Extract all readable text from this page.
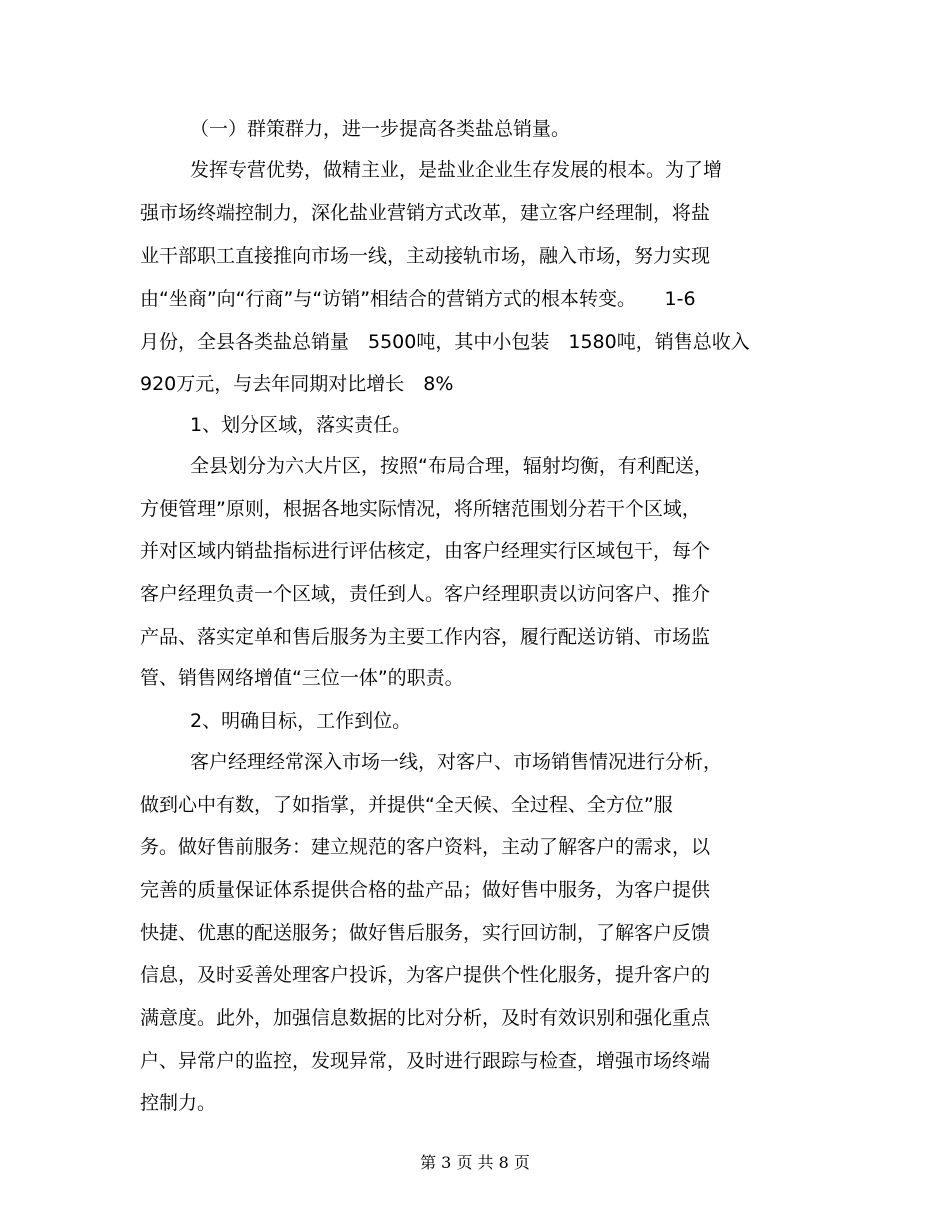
（一）群策群力，进一步提高各类盐总销量。
发挥专营优势，做精主业，是盐业企业生存发展的根本。为了增
强市场终端控制力，深化盐业营销方式改革，建立客户经理制，将盐
业干部职工直接推向市场一线，主动接轨市场，融入市场，努力实现
由“坐商”向“行商”与“访销”相结合的营销方式的根本转变。　　1-6
月份，全县各类盐总销量　5500吨，其中小包装　1580吨，销售总收入
920万元，与去年同期对比增长　8%
1、划分区域，落实责任。
全县划分为六大片区，按照“布局合理，辐射均衡，有利配送，
方便管理”原则，根据各地实际情况，将所辖范围划分若干个区域，
并对区域内销盐指标进行评估核定，由客户经理实行区域包干，每个
客户经理负责一个区域，责任到人。客户经理职责以访问客户、推介
产品、落实定单和售后服务为主要工作内容，履行配送访销、市场监
管、销售网络增值“三位一体”的职责。
2、明确目标，工作到位。
客户经理经常深入市场一线，对客户、市场销售情况进行分析，
做到心中有数，了如指掌，并提供“全天候、全过程、全方位”服
务。做好售前服务：建立规范的客户资料，主动了解客户的需求，以
完善的质量保证体系提供合格的盐产品；做好售中服务，为客户提供
快捷、优惠的配送服务；做好售后服务，实行回访制，了解客户反馈
信息，及时妥善处理客户投诉，为客户提供个性化服务，提升客户的
满意度。此外，加强信息数据的比对分析，及时有效识别和强化重点
户、异常户的监控，发现异常，及时进行跟踪与检查，增强市场终端
控制力。
第 3 页 共 8 页
